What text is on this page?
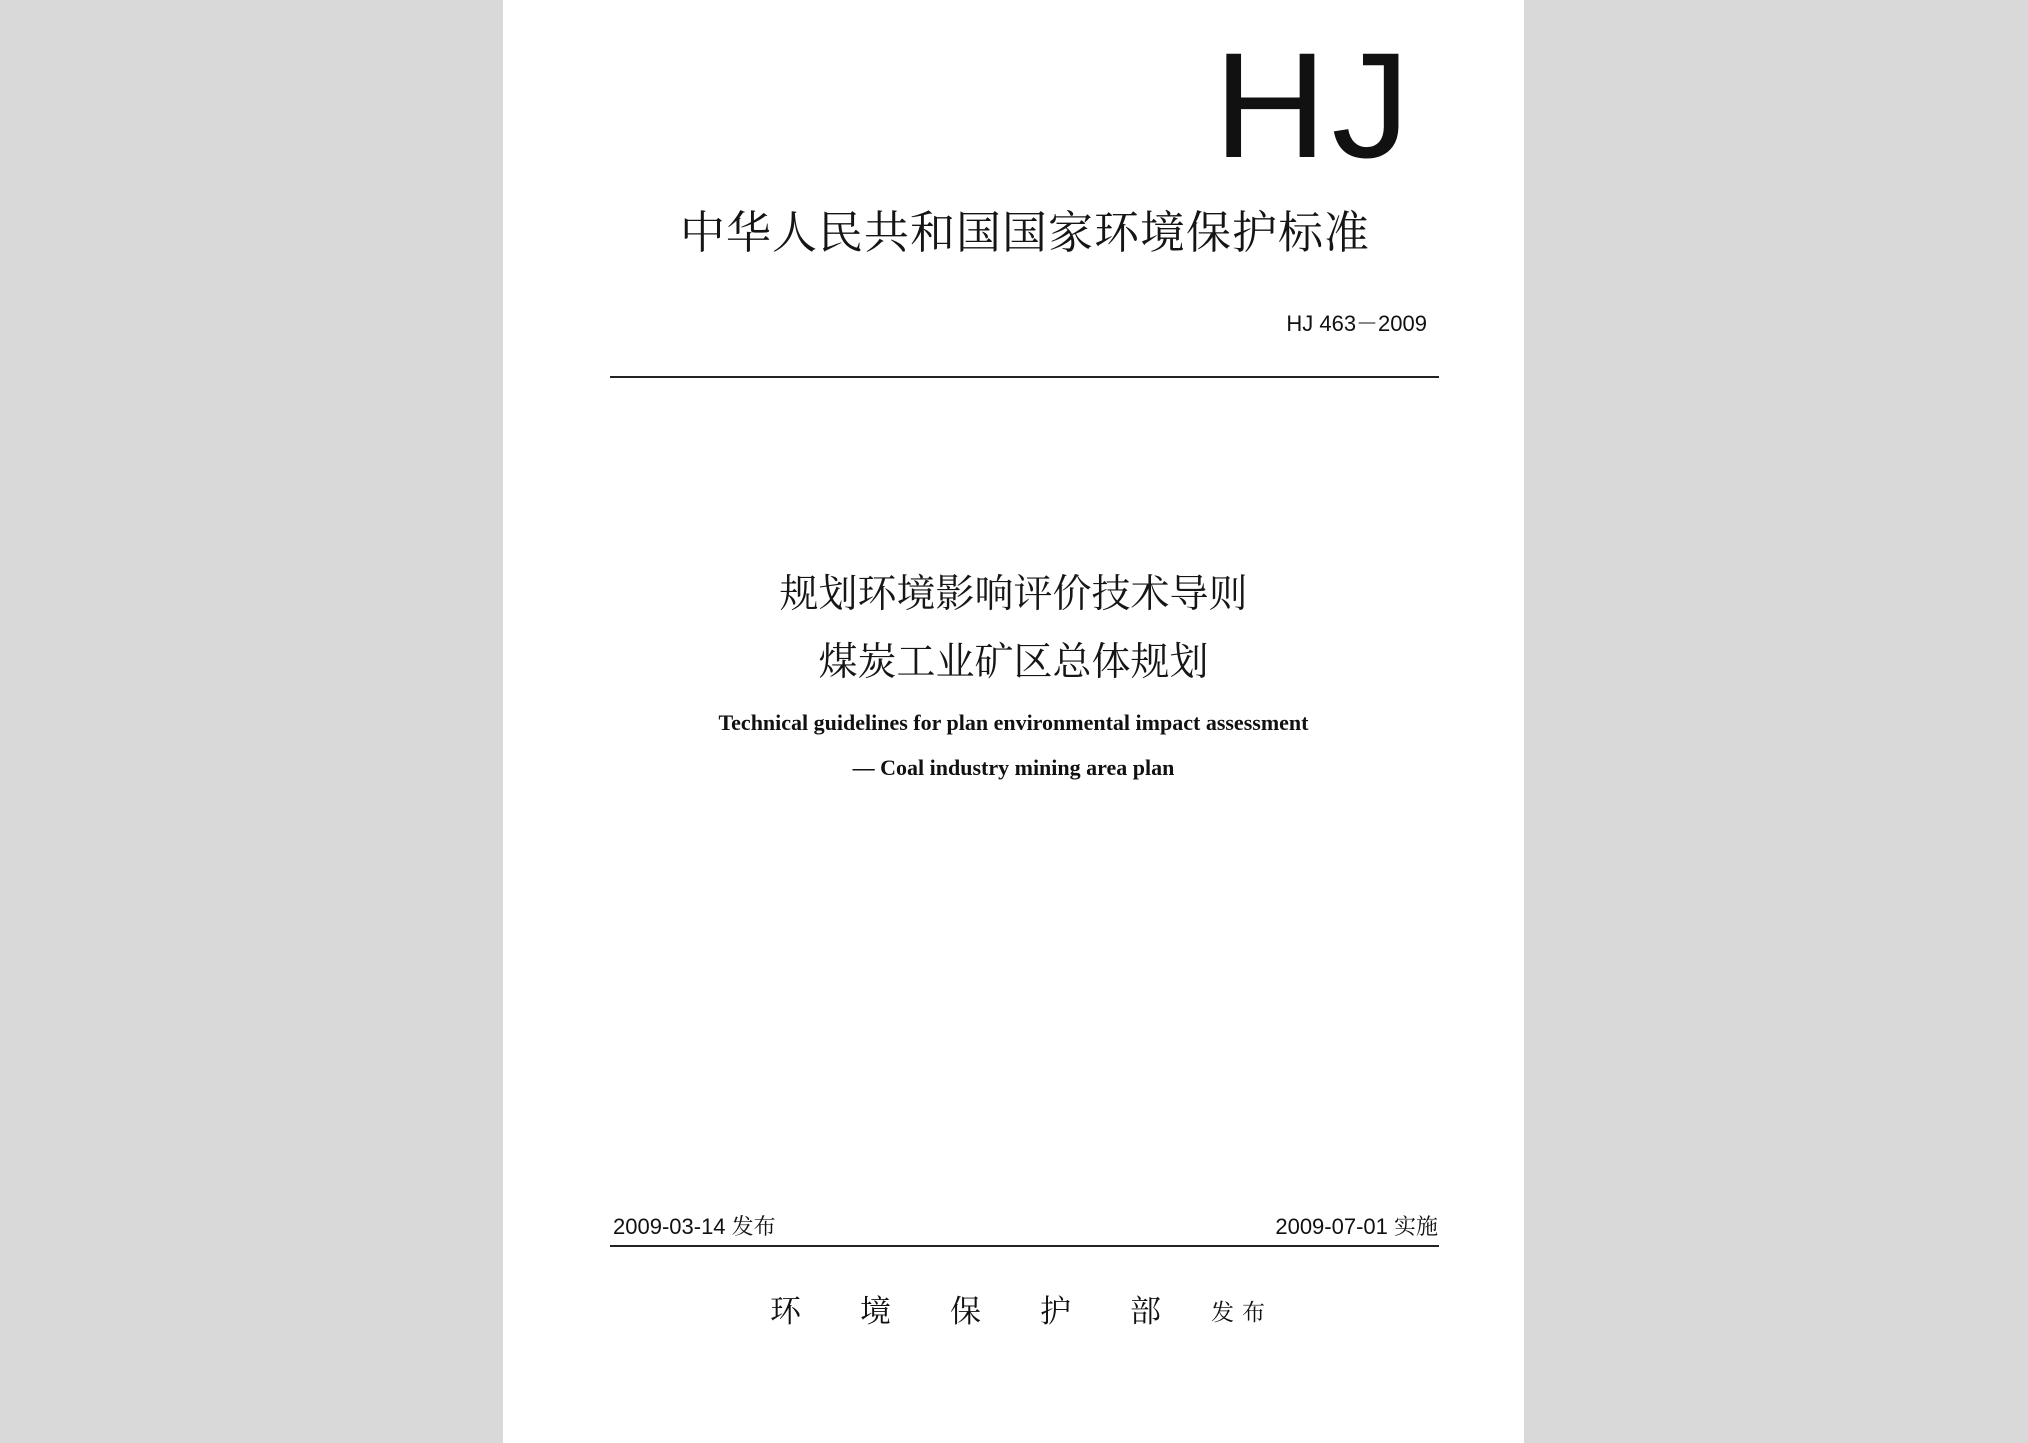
HJ
中华人民共和国国家环境保护标准
HJ 463－2009
规划环境影响评价技术导则
煤炭工业矿区总体规划
Technical guidelines for plan environmental impact assessment
— Coal industry mining area plan
2009-03-14 发布	2009-07-01 实施
环境保护部
发布
